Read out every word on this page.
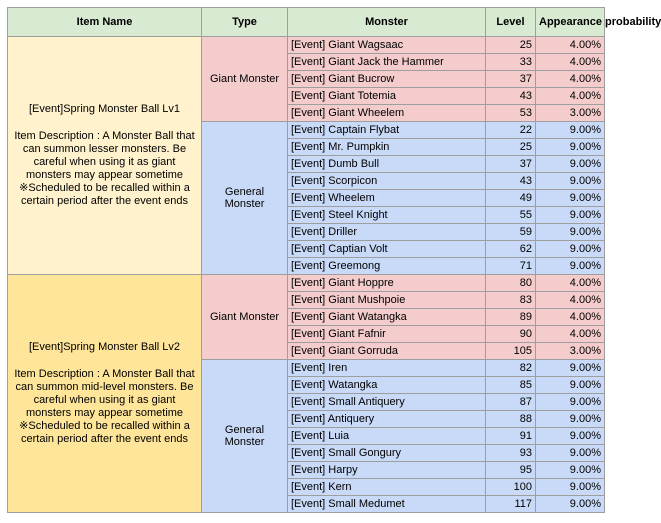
Item Name	Type	Monster	Level	Appearance probability

[Event]Spring Monster Ball Lv1
Item Description : A Monster Ball that can summon lesser monsters. Be careful when using it as giant monsters may appear sometime ※Scheduled to be recalled within a certain period after the event ends	Giant Monster	[Event] Giant Wagsaac	25	4.00%
		[Event] Giant Jack the Hammer	33	4.00%
		[Event] Giant Bucrow	37	4.00%
		[Event] Giant Totemia	43	4.00%
		[Event] Giant Wheelem	53	3.00%
	General Monster	[Event] Captain Flybat	22	9.00%
		[Event] Mr. Pumpkin	25	9.00%
		[Event] Dumb Bull	37	9.00%
		[Event] Scorpicon	43	9.00%
		[Event] Wheelem	49	9.00%
		[Event] Steel Knight	55	9.00%
		[Event] Driller	59	9.00%
		[Event] Captian Volt	62	9.00%
		[Event] Greemong	71	9.00%

[Event]Spring Monster Ball Lv2
Item Description : A Monster Ball that can summon mid-level monsters. Be careful when using it as giant monsters may appear sometime ※Scheduled to be recalled within a certain period after the event ends	Giant Monster	[Event] Giant Hoppre	80	4.00%
		[Event] Giant Mushpoie	83	4.00%
		[Event] Giant Watangka	89	4.00%
		[Event] Giant Fafnir	90	4.00%
		[Event] Giant Gorruda	105	3.00%
	General Monster	[Event] Iren	82	9.00%
		[Event] Watangka	85	9.00%
		[Event] Small Antiquery	87	9.00%
		[Event] Antiquery	88	9.00%
		[Event] Luia	91	9.00%
		[Event] Small Gongury	93	9.00%
		[Event] Harpy	95	9.00%
		[Event] Kern	100	9.00%
		[Event] Small Medumet	117	9.00%
